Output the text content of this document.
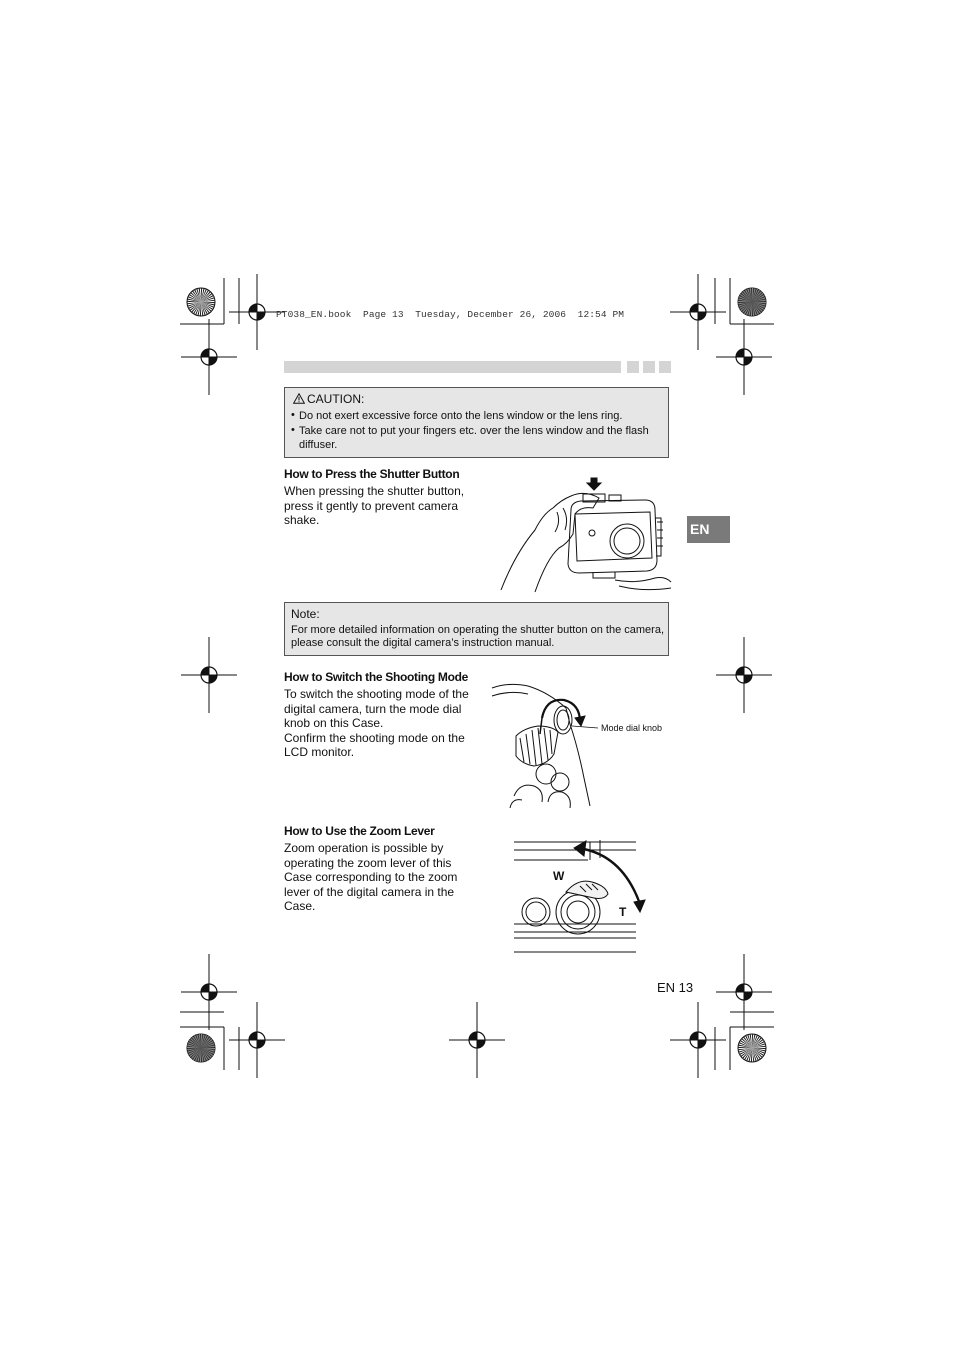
PT038_EN.book  Page 13  Tuesday, December 26, 2006  12:54 PM
CAUTION:
• Do not exert excessive force onto the lens window or the lens ring.
• Take care not to put your fingers etc. over the lens window and the flash
diffuser.
How to Press the Shutter Button
When pressing the shutter button,
press it gently to prevent camera
shake.
EN
Note:
For more detailed information on operating the shutter button on the camera,
please consult the digital camera’s instruction manual.
How to Switch the Shooting Mode
To switch the shooting mode of the
digital camera, turn the mode dial
knob on this Case.
Confirm the shooting mode on the
LCD monitor.
Mode dial knob
How to Use the Zoom Lever
Zoom operation is possible by
operating the zoom lever of this
Case corresponding to the zoom
lever of the digital camera in the
Case.
W
T
EN 13
